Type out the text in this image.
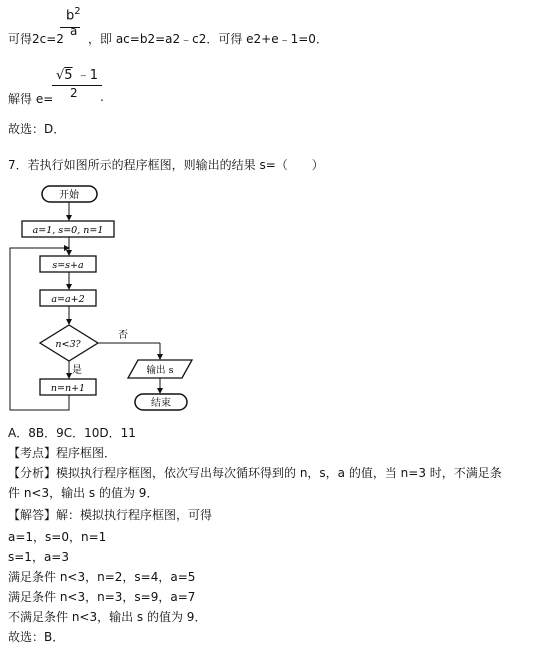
$b^2$
可得2c=2
a
，即 ac=b2=a2﹣c2．可得 e2+e﹣1=0．
√5 ﹣1
解得 e= 2 .
故选：D．
7．若执行如图所示的程序框图，则输出的结果 s=（　　）
开始
a=1, s=0, n=1
s=s+a
a=a+2
n<3?
否
输出 s
结束
是
n=n+1
A．8B．9C．10D．11
【考点】程序框图．
【分析】模拟执行程序框图，依次写出每次循环得到的 n，s，a 的值，当 n=3 时，不满足条
件 n<3，输出 s 的值为 9．
【解答】解：模拟执行程序框图，可得
a=1，s=0，n=1
s=1，a=3
满足条件 n<3，n=2，s=4，a=5
满足条件 n<3，n=3，s=9，a=7
不满足条件 n<3，输出 s 的值为 9．
故选：B．
